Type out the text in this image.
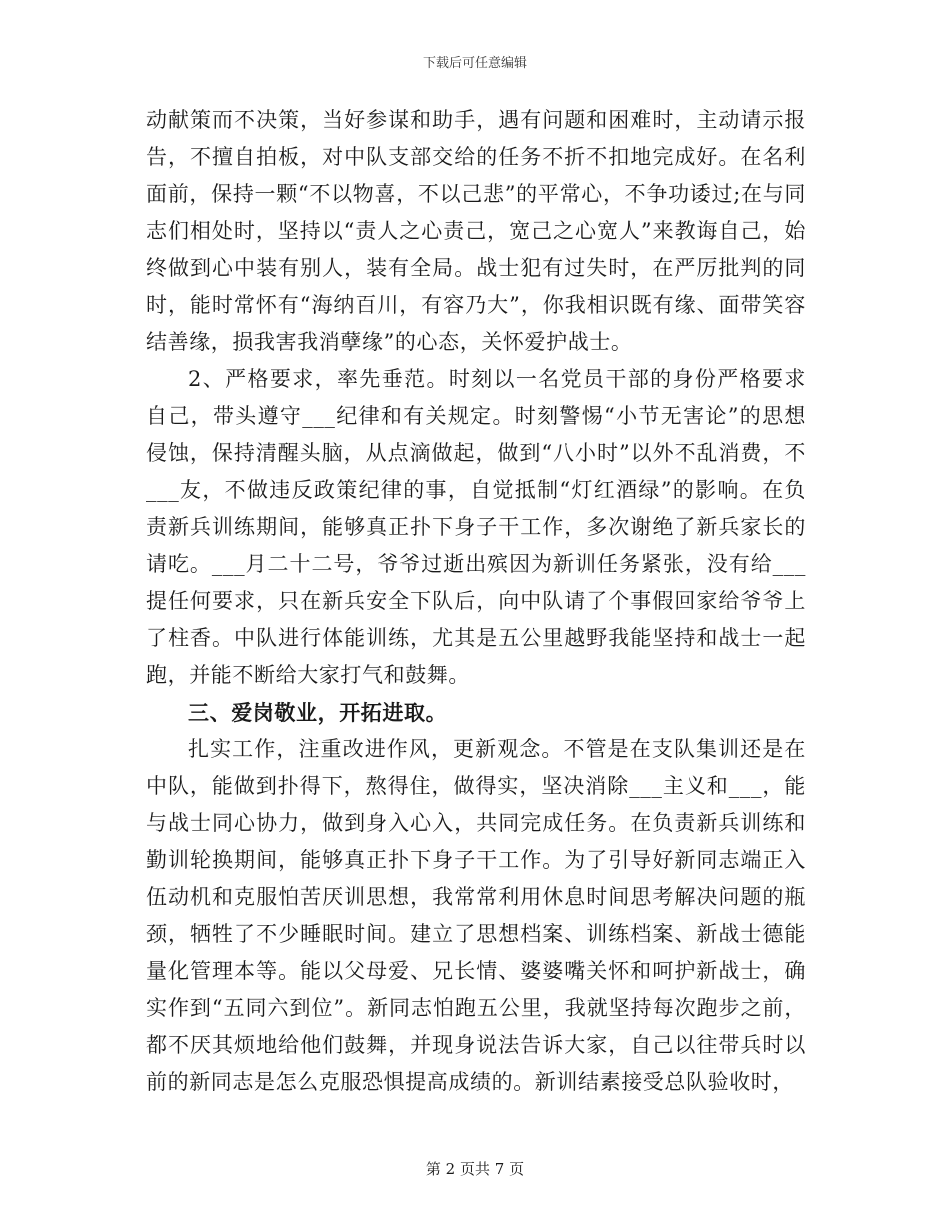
下载后可任意编辑

动献策而不决策，当好参谋和助手，遇有问题和困难时，主动请示报告，不擅自拍板，对中队支部交给的任务不折不扣地完成好。在名利面前，保持一颗“不以物喜，不以己悲”的平常心，不争功诿过;在与同志们相处时，坚持以“责人之心责己，宽己之心宽人”来教诲自己，始终做到心中装有别人，装有全局。战士犯有过失时，在严厉批判的同时，能时常怀有“海纳百川，有容乃大”，你我相识既有缘、面带笑容结善缘，损我害我消孽缘”的心态，关怀爱护战士。

2、严格要求，率先垂范。时刻以一名党员干部的身份严格要求自己，带头遵守___纪律和有关规定。时刻警惕“小节无害论”的思想侵蚀，保持清醒头脑，从点滴做起，做到“八小时”以外不乱消费，不___友，不做违反政策纪律的事，自觉抵制“灯红酒绿”的影响。在负责新兵训练期间，能够真正扑下身子干工作，多次谢绝了新兵家长的请吃。___月二十二号，爷爷过逝出殡因为新训任务紧张，没有给___提任何要求，只在新兵安全下队后，向中队请了个事假回家给爷爷上了柱香。中队进行体能训练，尤其是五公里越野我能坚持和战士一起跑，并能不断给大家打气和鼓舞。

三、爱岗敬业，开拓进取。

扎实工作，注重改进作风，更新观念。不管是在支队集训还是在中队，能做到扑得下，熬得住，做得实，坚决消除___主义和___，能与战士同心协力，做到身入心入，共同完成任务。在负责新兵训练和勤训轮换期间，能够真正扑下身子干工作。为了引导好新同志端正入伍动机和克服怕苦厌训思想，我常常利用休息时间思考解决问题的瓶颈，牺牲了不少睡眠时间。建立了思想档案、训练档案、新战士德能量化管理本等。能以父母爱、兄长情、婆婆嘴关怀和呵护新战士，确实作到“五同六到位”。新同志怕跑五公里，我就坚持每次跑步之前，都不厌其烦地给他们鼓舞，并现身说法告诉大家，自己以往带兵时以前的新同志是怎么克服恐惧提高成绩的。新训结素接受总队验收时，

第 2 页共 7 页
